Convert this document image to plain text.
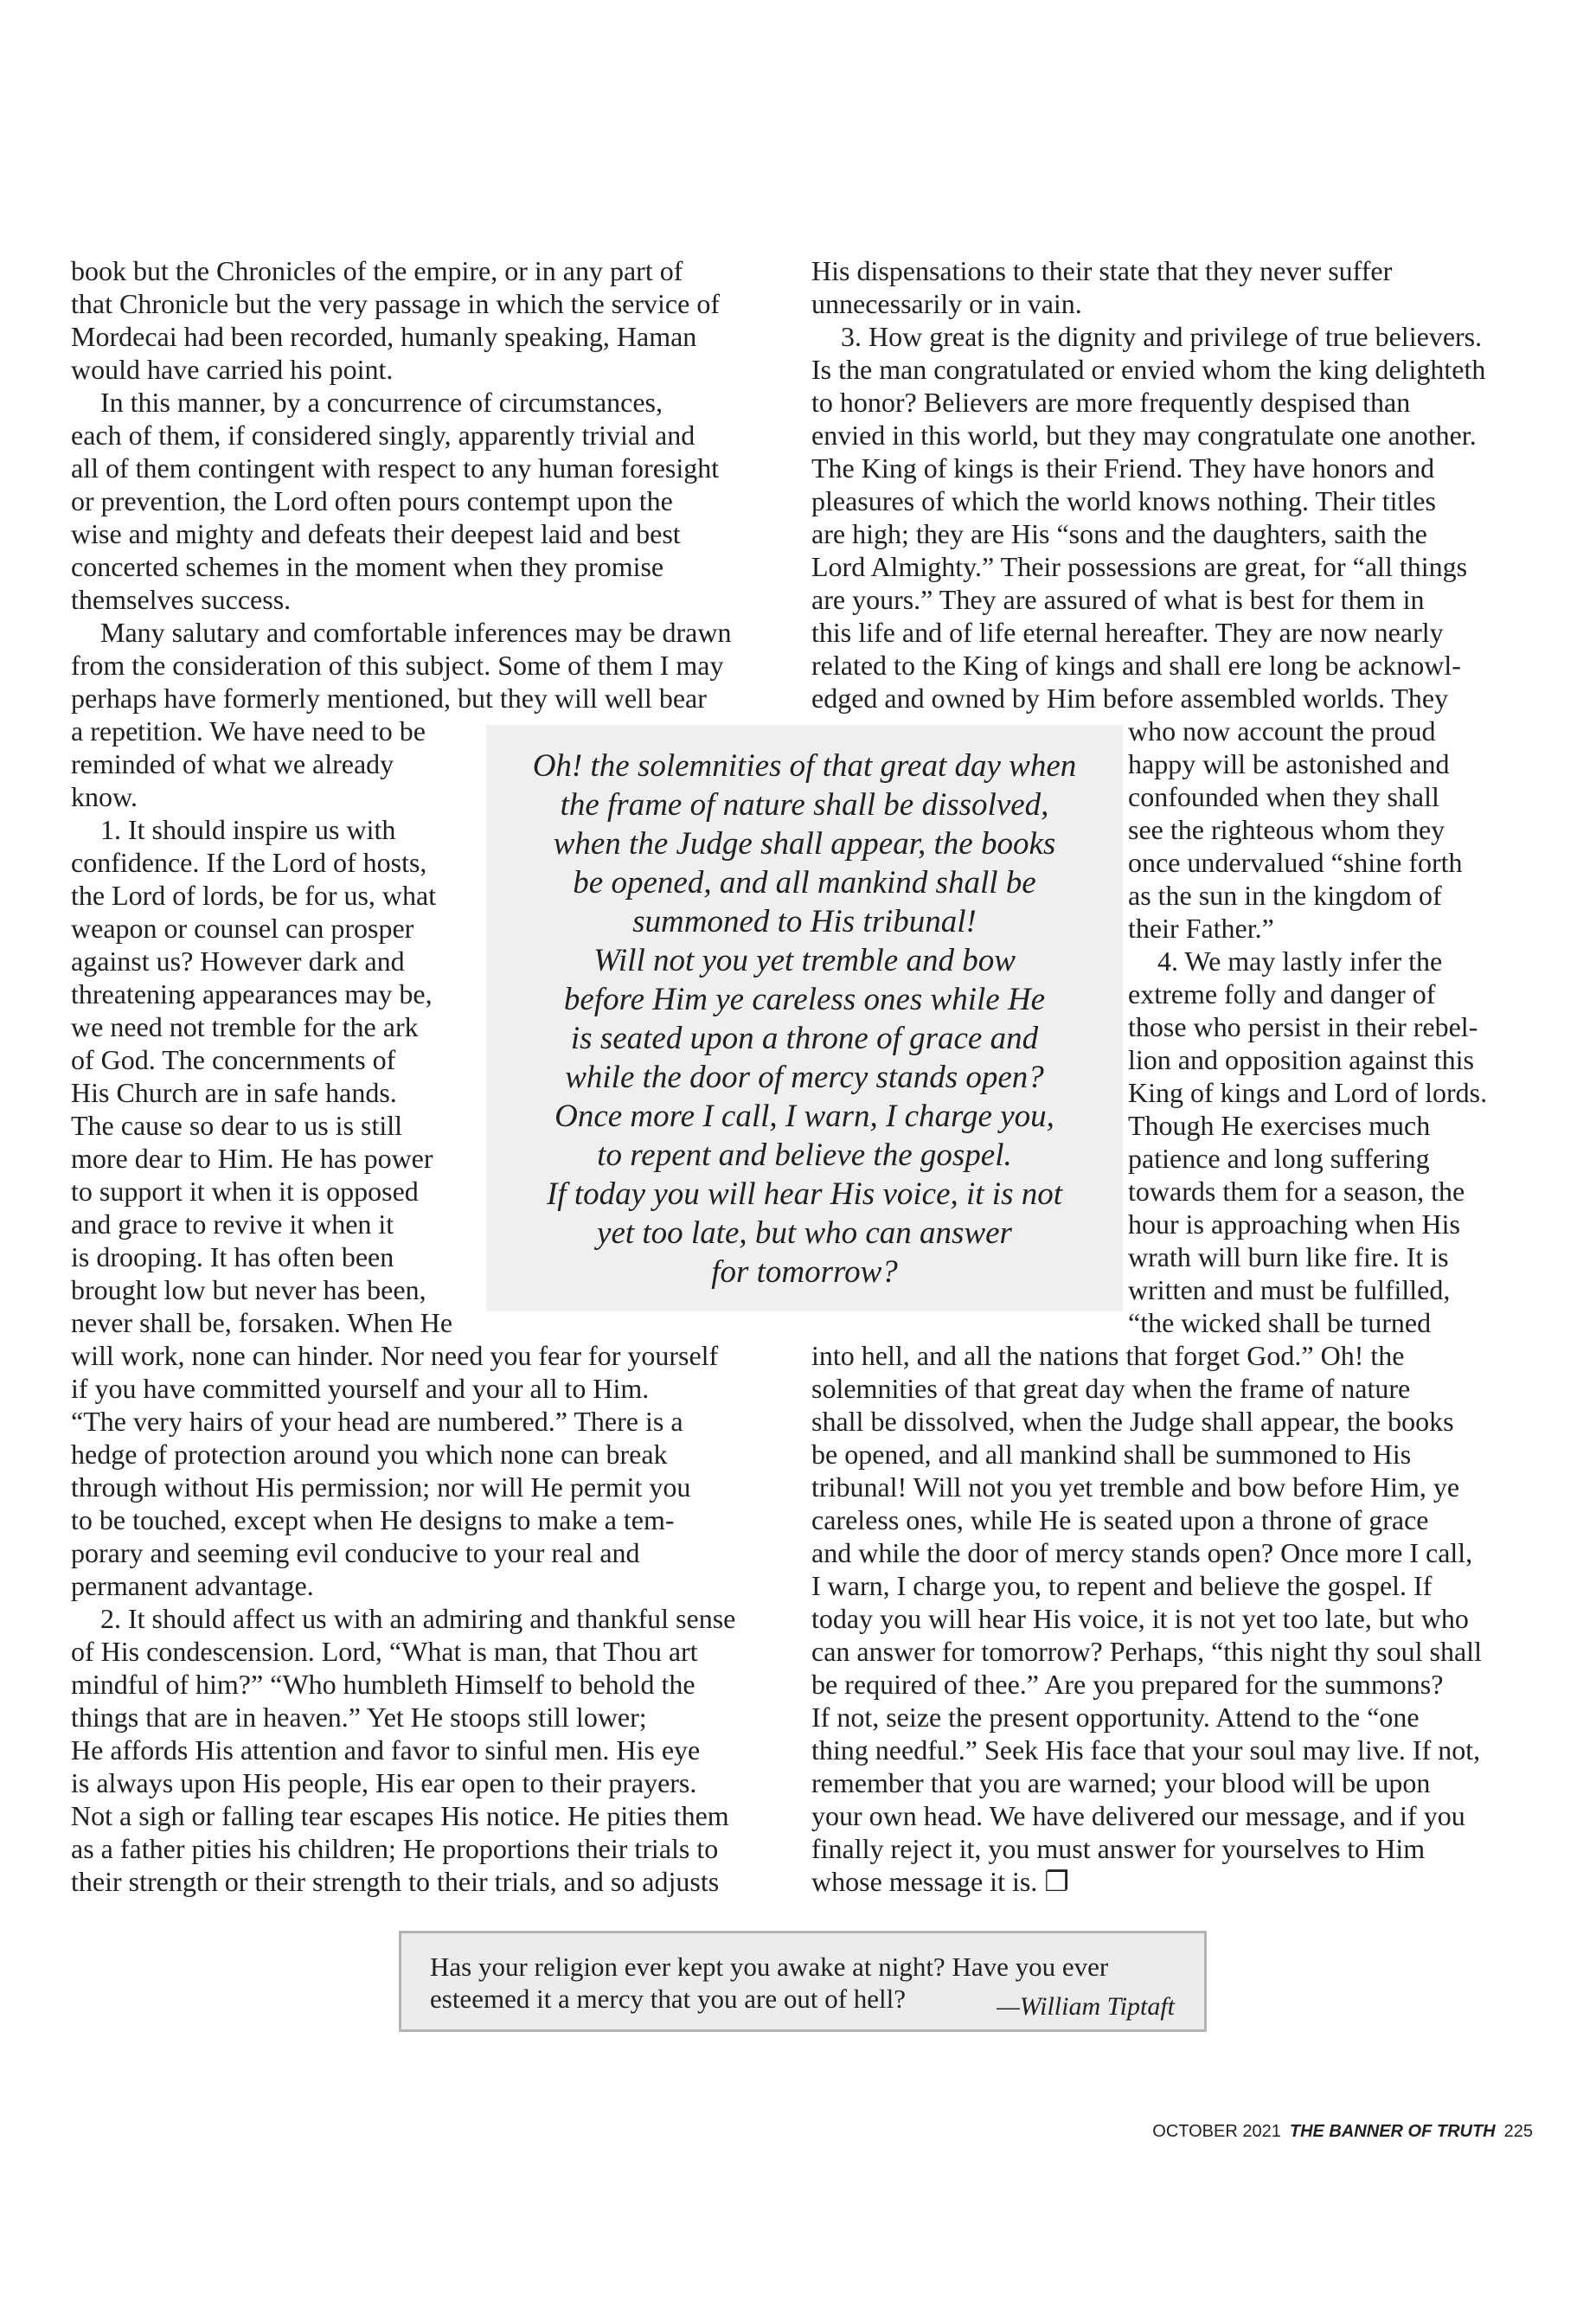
book but the Chronicles of the empire, or in any part of
that Chronicle but the very passage in which the service of
Mordecai had been recorded, humanly speaking, Haman
would have carried his point.
In this manner, by a concurrence of circumstances,
each of them, if considered singly, apparently trivial and
all of them contingent with respect to any human foresight
or prevention, the Lord often pours contempt upon the
wise and mighty and defeats their deepest laid and best
concerted schemes in the moment when they promise
themselves success.
Many salutary and comfortable inferences may be drawn
from the consideration of this subject. Some of them I may
perhaps have formerly mentioned, but they will well bear
a repetition. We have need to be
reminded of what we already
know.
1. It should inspire us with
confidence. If the Lord of hosts,
the Lord of lords, be for us, what
weapon or counsel can prosper
against us? However dark and
threatening appearances may be,
we need not tremble for the ark
of God. The concernments of
His Church are in safe hands.
The cause so dear to us is still
more dear to Him. He has power
to support it when it is opposed
and grace to revive it when it
is drooping. It has often been
brought low but never has been,
never shall be, forsaken. When He
will work, none can hinder. Nor need you fear for yourself
if you have committed yourself and your all to Him.
“The very hairs of your head are numbered.” There is a
hedge of protection around you which none can break
through without His permission; nor will He permit you
to be touched, except when He designs to make a tem-
porary and seeming evil conducive to your real and
permanent advantage.
2. It should affect us with an admiring and thankful sense
of His condescension. Lord, “What is man, that Thou art
mindful of him?” “Who humbleth Himself to behold the
things that are in heaven.” Yet He stoops still lower;
He affords His attention and favor to sinful men. His eye
is always upon His people, His ear open to their prayers.
Not a sigh or falling tear escapes His notice. He pities them
as a father pities his children; He proportions their trials to
their strength or their strength to their trials, and so adjusts
His dispensations to their state that they never suffer
unnecessarily or in vain.
3. How great is the dignity and privilege of true believers.
Is the man congratulated or envied whom the king delighteth
to honor? Believers are more frequently despised than
envied in this world, but they may congratulate one another.
The King of kings is their Friend. They have honors and
pleasures of which the world knows nothing. Their titles
are high; they are His “sons and the daughters, saith the
Lord Almighty.” Their possessions are great, for “all things
are yours.” They are assured of what is best for them in
this life and of life eternal hereafter. They are now nearly
related to the King of kings and shall ere long be acknowl-
edged and owned by Him before assembled worlds. They
who now account the proud
happy will be astonished and
confounded when they shall
see the righteous whom they
once undervalued “shine forth
as the sun in the kingdom of
their Father.”
4. We may lastly infer the
extreme folly and danger of
those who persist in their rebel-
lion and opposition against this
King of kings and Lord of lords.
Though He exercises much
patience and long suffering
towards them for a season, the
hour is approaching when His
wrath will burn like fire. It is
written and must be fulfilled,
“the wicked shall be turned
into hell, and all the nations that forget God.” Oh! the
solemnities of that great day when the frame of nature
shall be dissolved, when the Judge shall appear, the books
be opened, and all mankind shall be summoned to His
tribunal! Will not you yet tremble and bow before Him, ye
careless ones, while He is seated upon a throne of grace
and while the door of mercy stands open? Once more I call,
I warn, I charge you, to repent and believe the gospel. If
today you will hear His voice, it is not yet too late, but who
can answer for tomorrow? Perhaps, “this night thy soul shall
be required of thee.” Are you prepared for the summons?
If not, seize the present opportunity. Attend to the “one
thing needful.” Seek His face that your soul may live. If not,
remember that you are warned; your blood will be upon
your own head. We have delivered our message, and if you
finally reject it, you must answer for yourselves to Him
whose message it is. ❐
Oh! the solemnities of that great day when
the frame of nature shall be dissolved,
when the Judge shall appear, the books
be opened, and all mankind shall be
summoned to His tribunal!
Will not you yet tremble and bow
before Him ye careless ones while He
is seated upon a throne of grace and
while the door of mercy stands open?
Once more I call, I warn, I charge you,
to repent and believe the gospel.
If today you will hear His voice, it is not
yet too late, but who can answer
for tomorrow?
Has your religion ever kept you awake at night? Have you ever
esteemed it a mercy that you are out of hell?	—William Tiptaft
OCTOBER 2021 THE BANNER OF TRUTH 225
